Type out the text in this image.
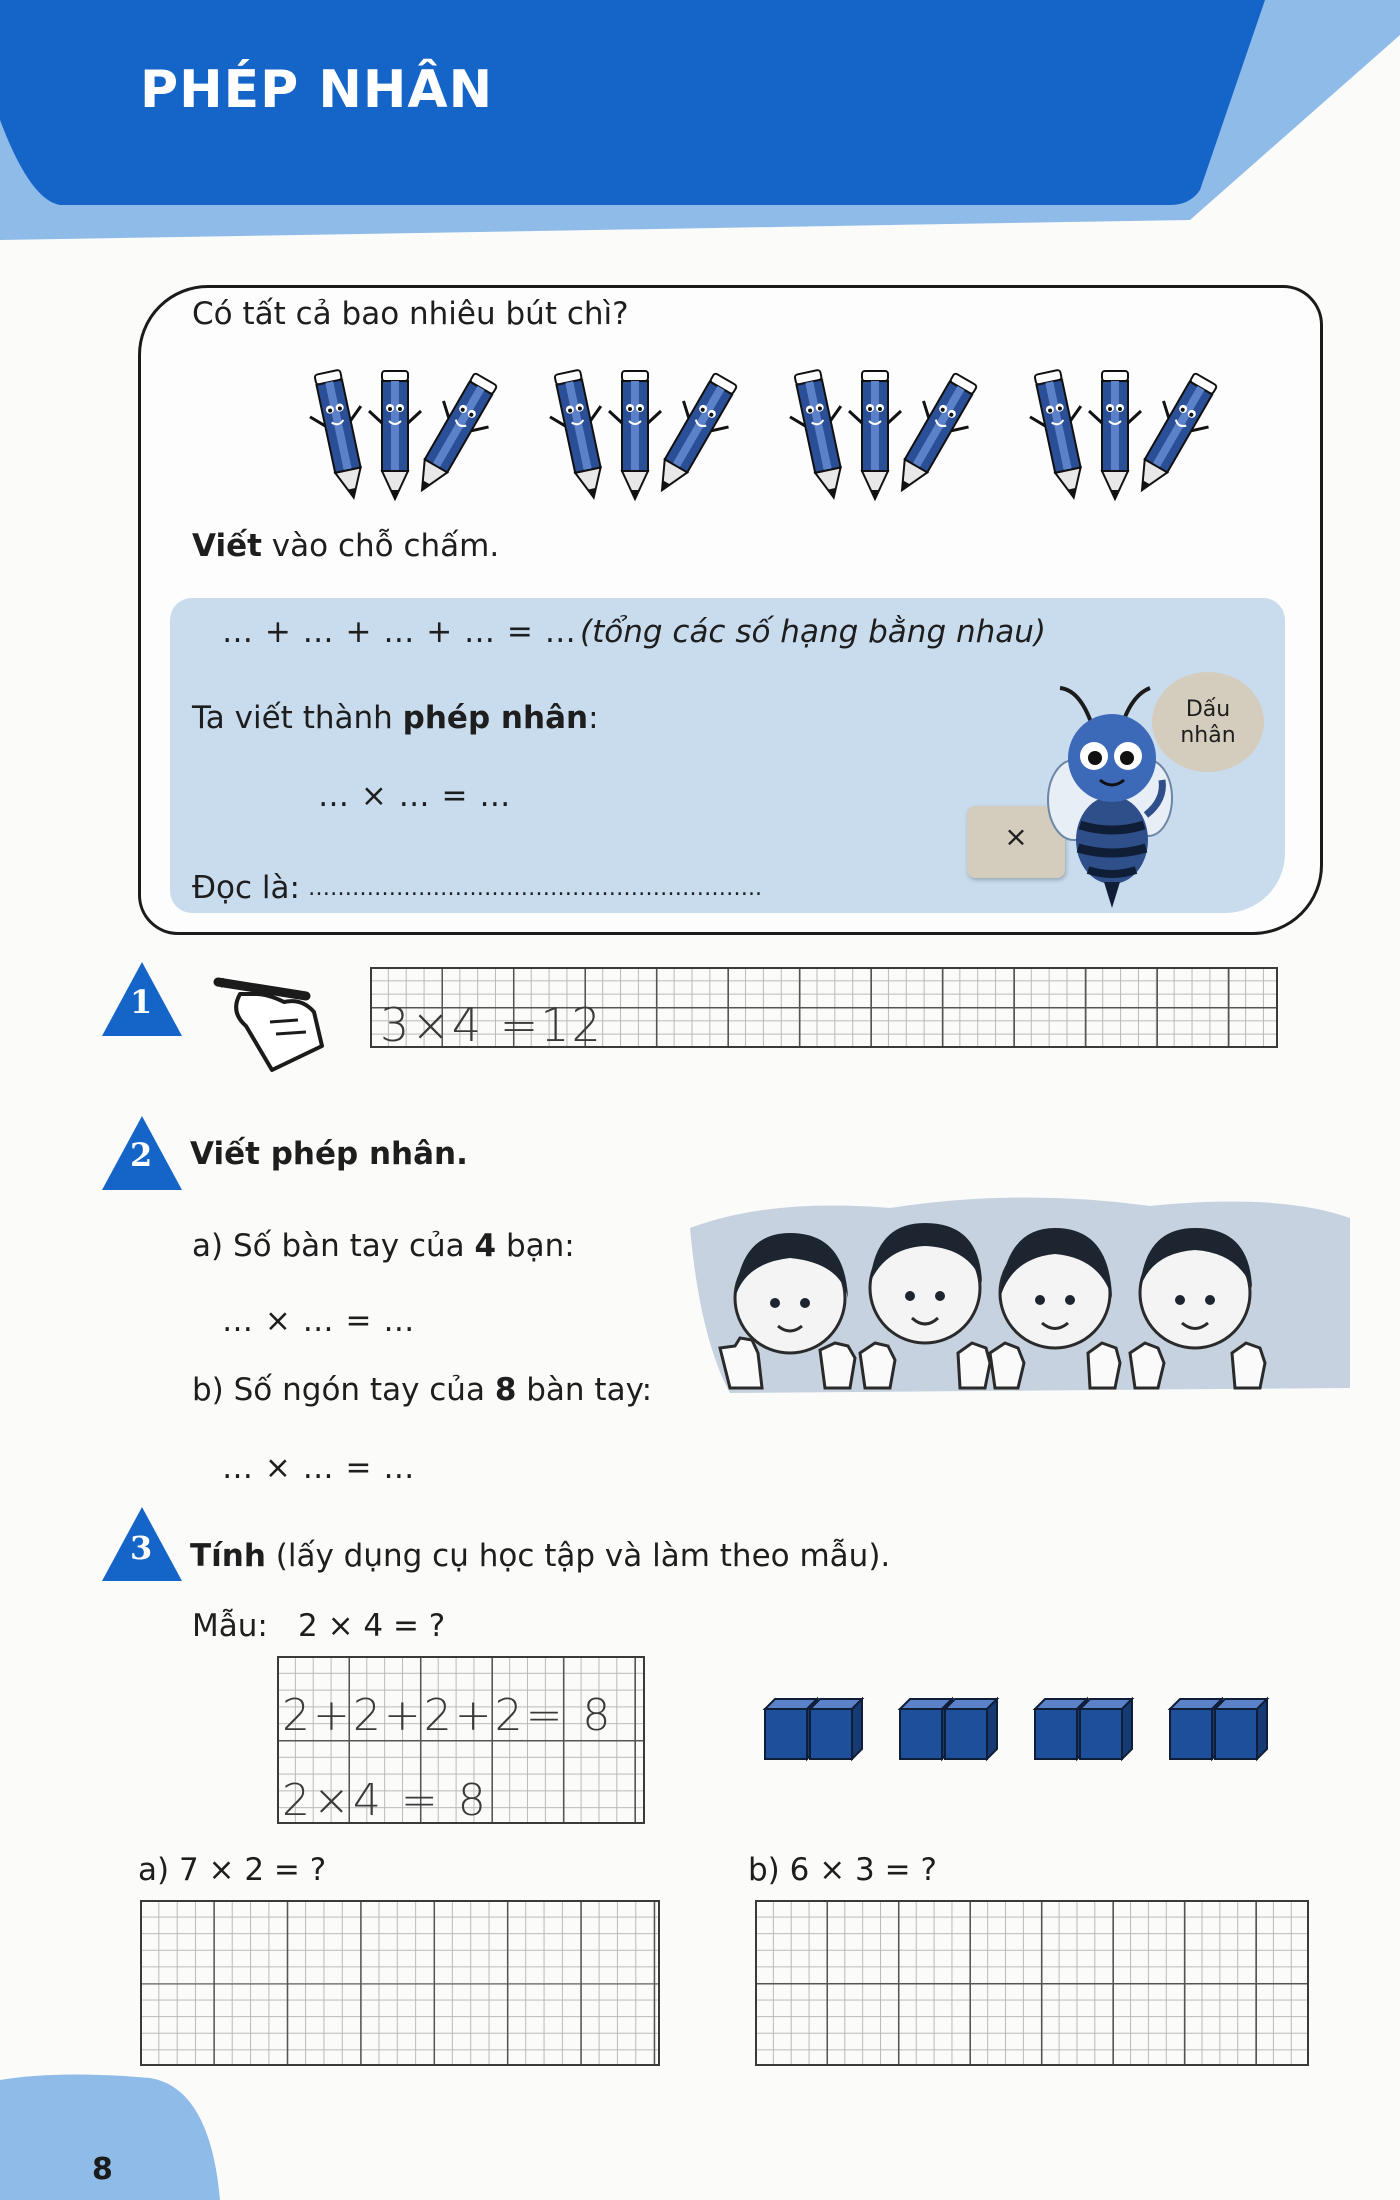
PHÉP NHÂN
Có tất cả bao nhiêu bút chì?
Viết vào chỗ chấm.
… + … + … + … = … (tổng các số hạng bằng nhau)
Ta viết thành phép nhân:
… × … = …
Đọc là: ……………………………………………………..
×
Dấu nhân
1	3×4 =12
2 Viết phép nhân.
a) Số bàn tay của 4 bạn:
… × … = …
b) Số ngón tay của 8 bàn tay:
… × … = …
3 Tính (lấy dụng cụ học tập và làm theo mẫu).
Mẫu: 2 × 4 = ?
2+2+2+2= 8
2×4 = 8
a) 7 × 2 = ?	b) 6 × 3 = ?
8
